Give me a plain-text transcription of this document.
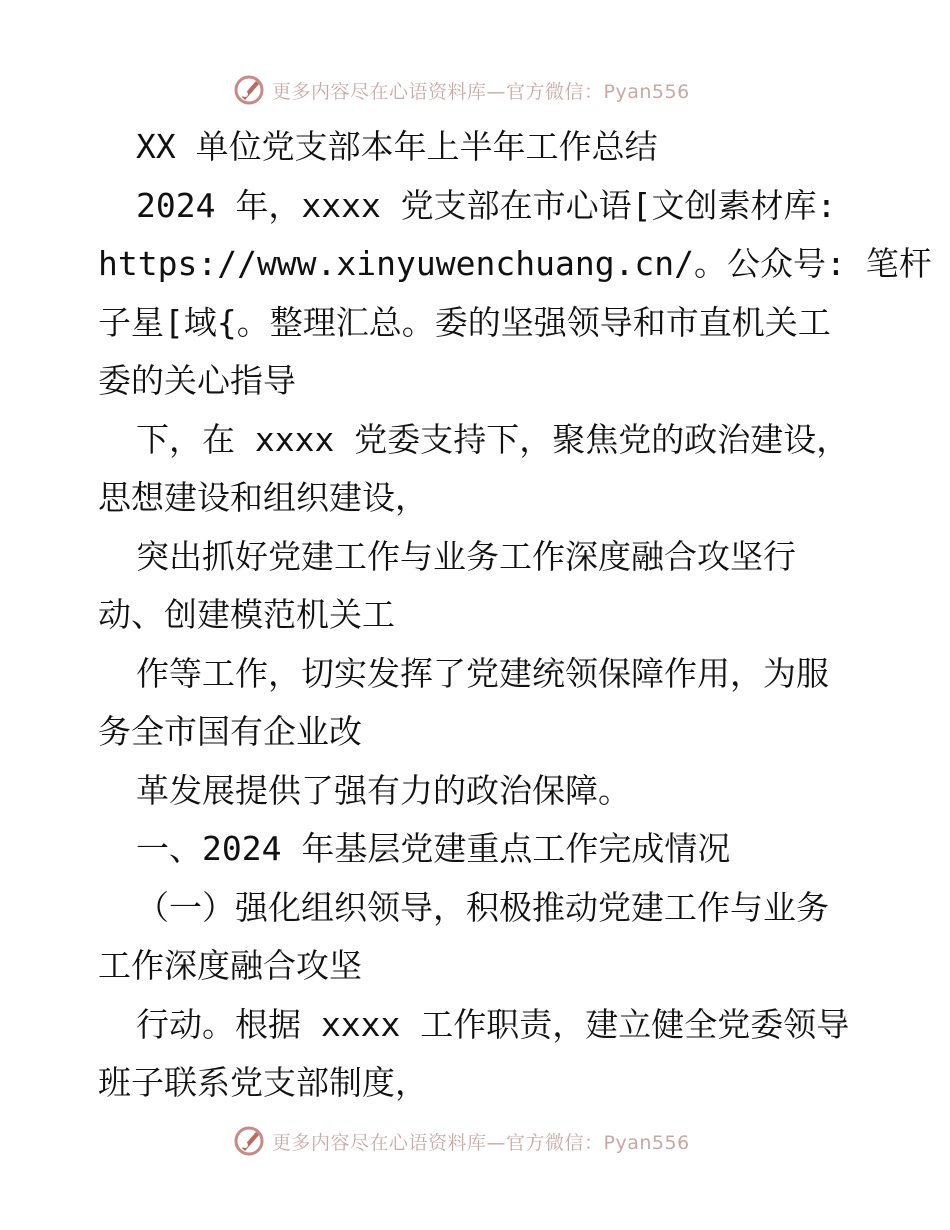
更多内容尽在心语资料库—官方微信：Pyan556
XX 单位党支部本年上半年工作总结
2024 年，xxxx 党支部在市心语[文创素材库:
https://www.xinyuwenchuang.cn/。公众号: 笔杆
子星[域{。整理汇总。委的坚强领导和市直机关工
委的关心指导
下，在 xxxx 党委支持下，聚焦党的政治建设，
思想建设和组织建设，
突出抓好党建工作与业务工作深度融合攻坚行
动、创建模范机关工
作等工作，切实发挥了党建统领保障作用，为服
务全市国有企业改
革发展提供了强有力的政治保障。
一、2024 年基层党建重点工作完成情况
（一）强化组织领导，积极推动党建工作与业务
工作深度融合攻坚
行动。根据 xxxx 工作职责，建立健全党委领导
班子联系党支部制度，
更多内容尽在心语资料库—官方微信：Pyan556
